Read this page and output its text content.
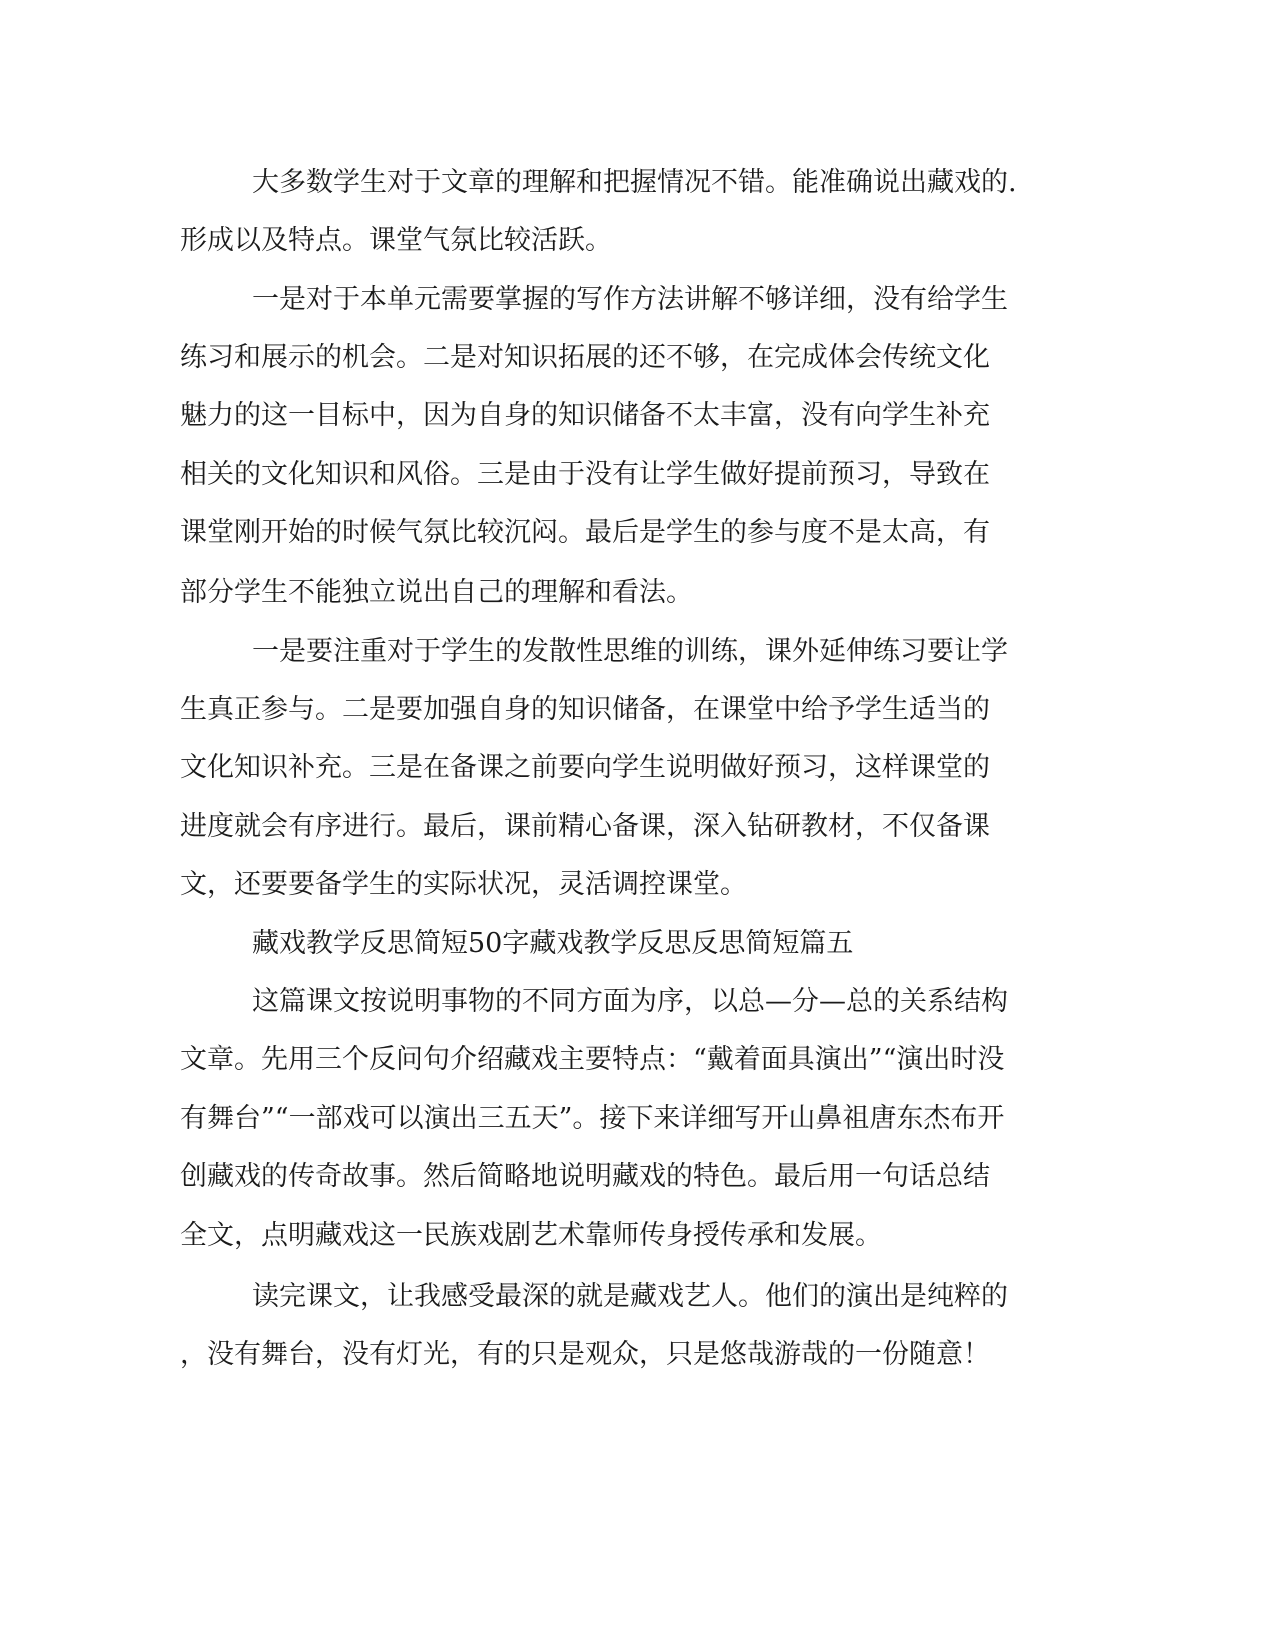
大多数学生对于文章的理解和把握情况不错。能准确说出藏戏的.
形成以及特点。课堂气氛比较活跃。
一是对于本单元需要掌握的写作方法讲解不够详细，没有给学生
练习和展示的机会。二是对知识拓展的还不够，在完成体会传统文化
魅力的这一目标中，因为自身的知识储备不太丰富，没有向学生补充
相关的文化知识和风俗。三是由于没有让学生做好提前预习，导致在
课堂刚开始的时候气氛比较沉闷。最后是学生的参与度不是太高，有
部分学生不能独立说出自己的理解和看法。
一是要注重对于学生的发散性思维的训练，课外延伸练习要让学
生真正参与。二是要加强自身的知识储备，在课堂中给予学生适当的
文化知识补充。三是在备课之前要向学生说明做好预习，这样课堂的
进度就会有序进行。最后，课前精心备课，深入钻研教材，不仅备课
文，还要要备学生的实际状况，灵活调控课堂。
藏戏教学反思简短50字藏戏教学反思反思简短篇五
这篇课文按说明事物的不同方面为序，以总—分—总的关系结构
文章。先用三个反问句介绍藏戏主要特点：“戴着面具演出”“演出时没
有舞台”“一部戏可以演出三五天”。接下来详细写开山鼻祖唐东杰布开
创藏戏的传奇故事。然后简略地说明藏戏的特色。最后用一句话总结
全文，点明藏戏这一民族戏剧艺术靠师传身授传承和发展。
读完课文，让我感受最深的就是藏戏艺人。他们的演出是纯粹的
，没有舞台，没有灯光，有的只是观众，只是悠哉游哉的一份随意！
